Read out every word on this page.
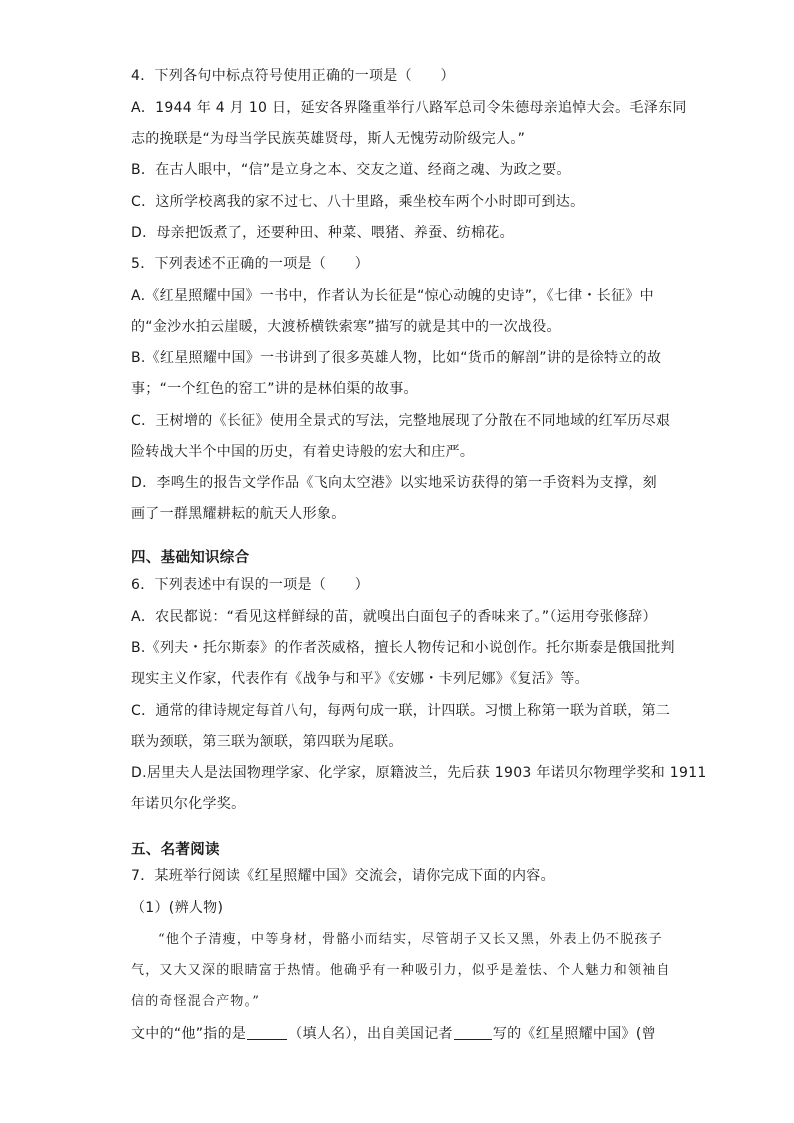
4．下列各句中标点符号使用正确的一项是（　　）
A．1944 年 4 月 10 日，延安各界隆重举行八路军总司令朱德母亲追悼大会。毛泽东同
志的挽联是“为母当学民族英雄贤母，斯人无愧劳动阶级完人。”
B．在古人眼中，“信”是立身之本、交友之道、经商之魂、为政之要。
C．这所学校离我的家不过七、八十里路，乘坐校车两个小时即可到达。
D．母亲把饭煮了，还要种田、种菜、喂猪、养蚕、纺棉花。
5．下列表述不正确的一项是（　　）
A.《红星照耀中国》一书中，作者认为长征是“惊心动魄的史诗”，《七律・长征》中
的“金沙水拍云崖暖，大渡桥横铁索寒”描写的就是其中的一次战役。
B.《红星照耀中国》一书讲到了很多英雄人物，比如“货币的解剖”讲的是徐特立的故
事；“一个红色的窑工”讲的是林伯渠的故事。
C．王树增的《长征》使用全景式的写法，完整地展现了分散在不同地域的红军历尽艰
险转战大半个中国的历史，有着史诗般的宏大和庄严。
D．李鸣生的报告文学作品《飞向太空港》以实地采访获得的第一手资料为支撑，刻
画了一群黑耀耕耘的航天人形象。
四、基础知识综合
6．下列表述中有误的一项是（　　）
A．农民都说：“看见这样鲜绿的苗，就嗅出白面包子的香味来了。”（运用夸张修辞）
B.《列夫・托尔斯泰》的作者茨威格，擅长人物传记和小说创作。托尔斯泰是俄国批判
现实主义作家，代表作有《战争与和平》《安娜・卡列尼娜》《复活》等。
C．通常的律诗规定每首八句，每两句成一联，计四联。习惯上称第一联为首联，第二
联为颈联，第三联为颔联，第四联为尾联。
D.居里夫人是法国物理学家、化学家，原籍波兰，先后获 1903 年诺贝尔物理学奖和 1911
年诺贝尔化学奖。
五、名著阅读
7．某班举行阅读《红星照耀中国》交流会，请你完成下面的内容。
（1）(辨人物)
“他个子清瘦，中等身材，骨骼小而结实，尽管胡子又长又黑，外表上仍不脱孩子
气，又大又深的眼睛富于热情。他确乎有一种吸引力，似乎是羞怯、个人魅力和领袖自
信的奇怪混合产物。”
文中的“他”指的是	（填人名），出自美国记者	写的《红星照耀中国》(曾
